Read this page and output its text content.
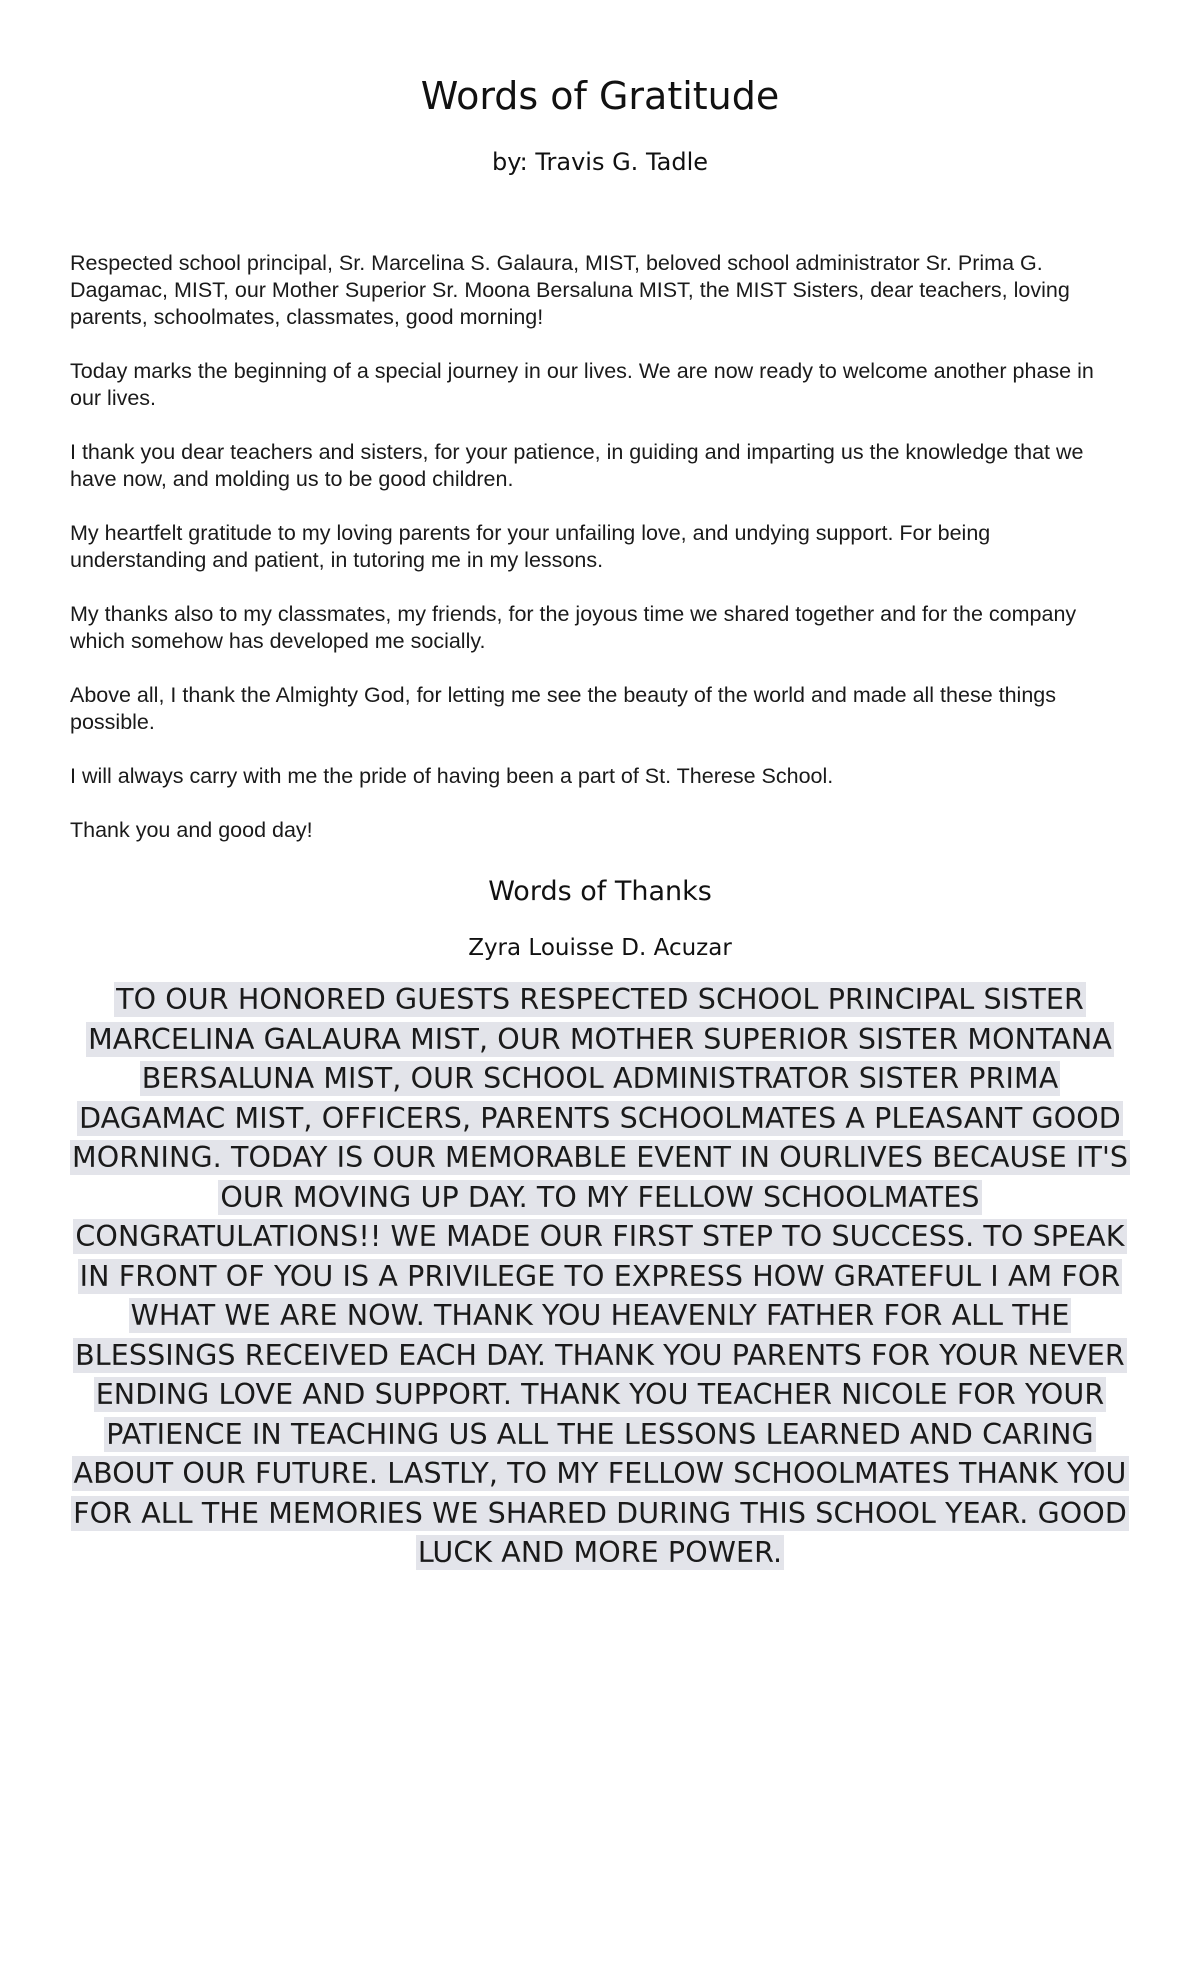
Words of Gratitude
by: Travis G. Tadle

Respected school principal, Sr. Marcelina S. Galaura, MIST, beloved school administrator Sr. Prima G. Dagamac, MIST, our Mother Superior Sr. Moona Bersaluna MIST, the MIST Sisters, dear teachers, loving parents, schoolmates, classmates, good morning!

Today marks the beginning of a special journey in our lives. We are now ready to welcome another phase in our lives.

I thank you dear teachers and sisters, for your patience, in guiding and imparting us the knowledge that we have now, and molding us to be good children.

My heartfelt gratitude to my loving parents for your unfailing love, and undying support. For being understanding and patient, in tutoring me in my lessons.

My thanks also to my classmates, my friends, for the joyous time we shared together and for the company which somehow has developed me socially.

Above all, I thank the Almighty God, for letting me see the beauty of the world and made all these things possible.

I will always carry with me the pride of having been a part of St. Therese School.

Thank you and good day!

Words of Thanks
Zyra Louisse D. Acuzar
TO OUR HONORED GUESTS RESPECTED SCHOOL PRINCIPAL SISTER MARCELINA GALAURA MIST, OUR MOTHER SUPERIOR SISTER MONTANA BERSALUNA MIST, OUR SCHOOL ADMINISTRATOR SISTER PRIMA DAGAMAC MIST, OFFICERS, PARENTS SCHOOLMATES A PLEASANT GOOD MORNING. TODAY IS OUR MEMORABLE EVENT IN OURLIVES BECAUSE IT'S OUR MOVING UP DAY. TO MY FELLOW SCHOOLMATES CONGRATULATIONS!! WE MADE OUR FIRST STEP TO SUCCESS. TO SPEAK IN FRONT OF YOU IS A PRIVILEGE TO EXPRESS HOW GRATEFUL I AM FOR WHAT WE ARE NOW. THANK YOU HEAVENLY FATHER FOR ALL THE BLESSINGS RECEIVED EACH DAY. THANK YOU PARENTS FOR YOUR NEVER ENDING LOVE AND SUPPORT. THANK YOU TEACHER NICOLE FOR YOUR PATIENCE IN TEACHING US ALL THE LESSONS LEARNED AND CARING ABOUT OUR FUTURE. LASTLY, TO MY FELLOW SCHOOLMATES THANK YOU FOR ALL THE MEMORIES WE SHARED DURING THIS SCHOOL YEAR. GOOD LUCK AND MORE POWER.
